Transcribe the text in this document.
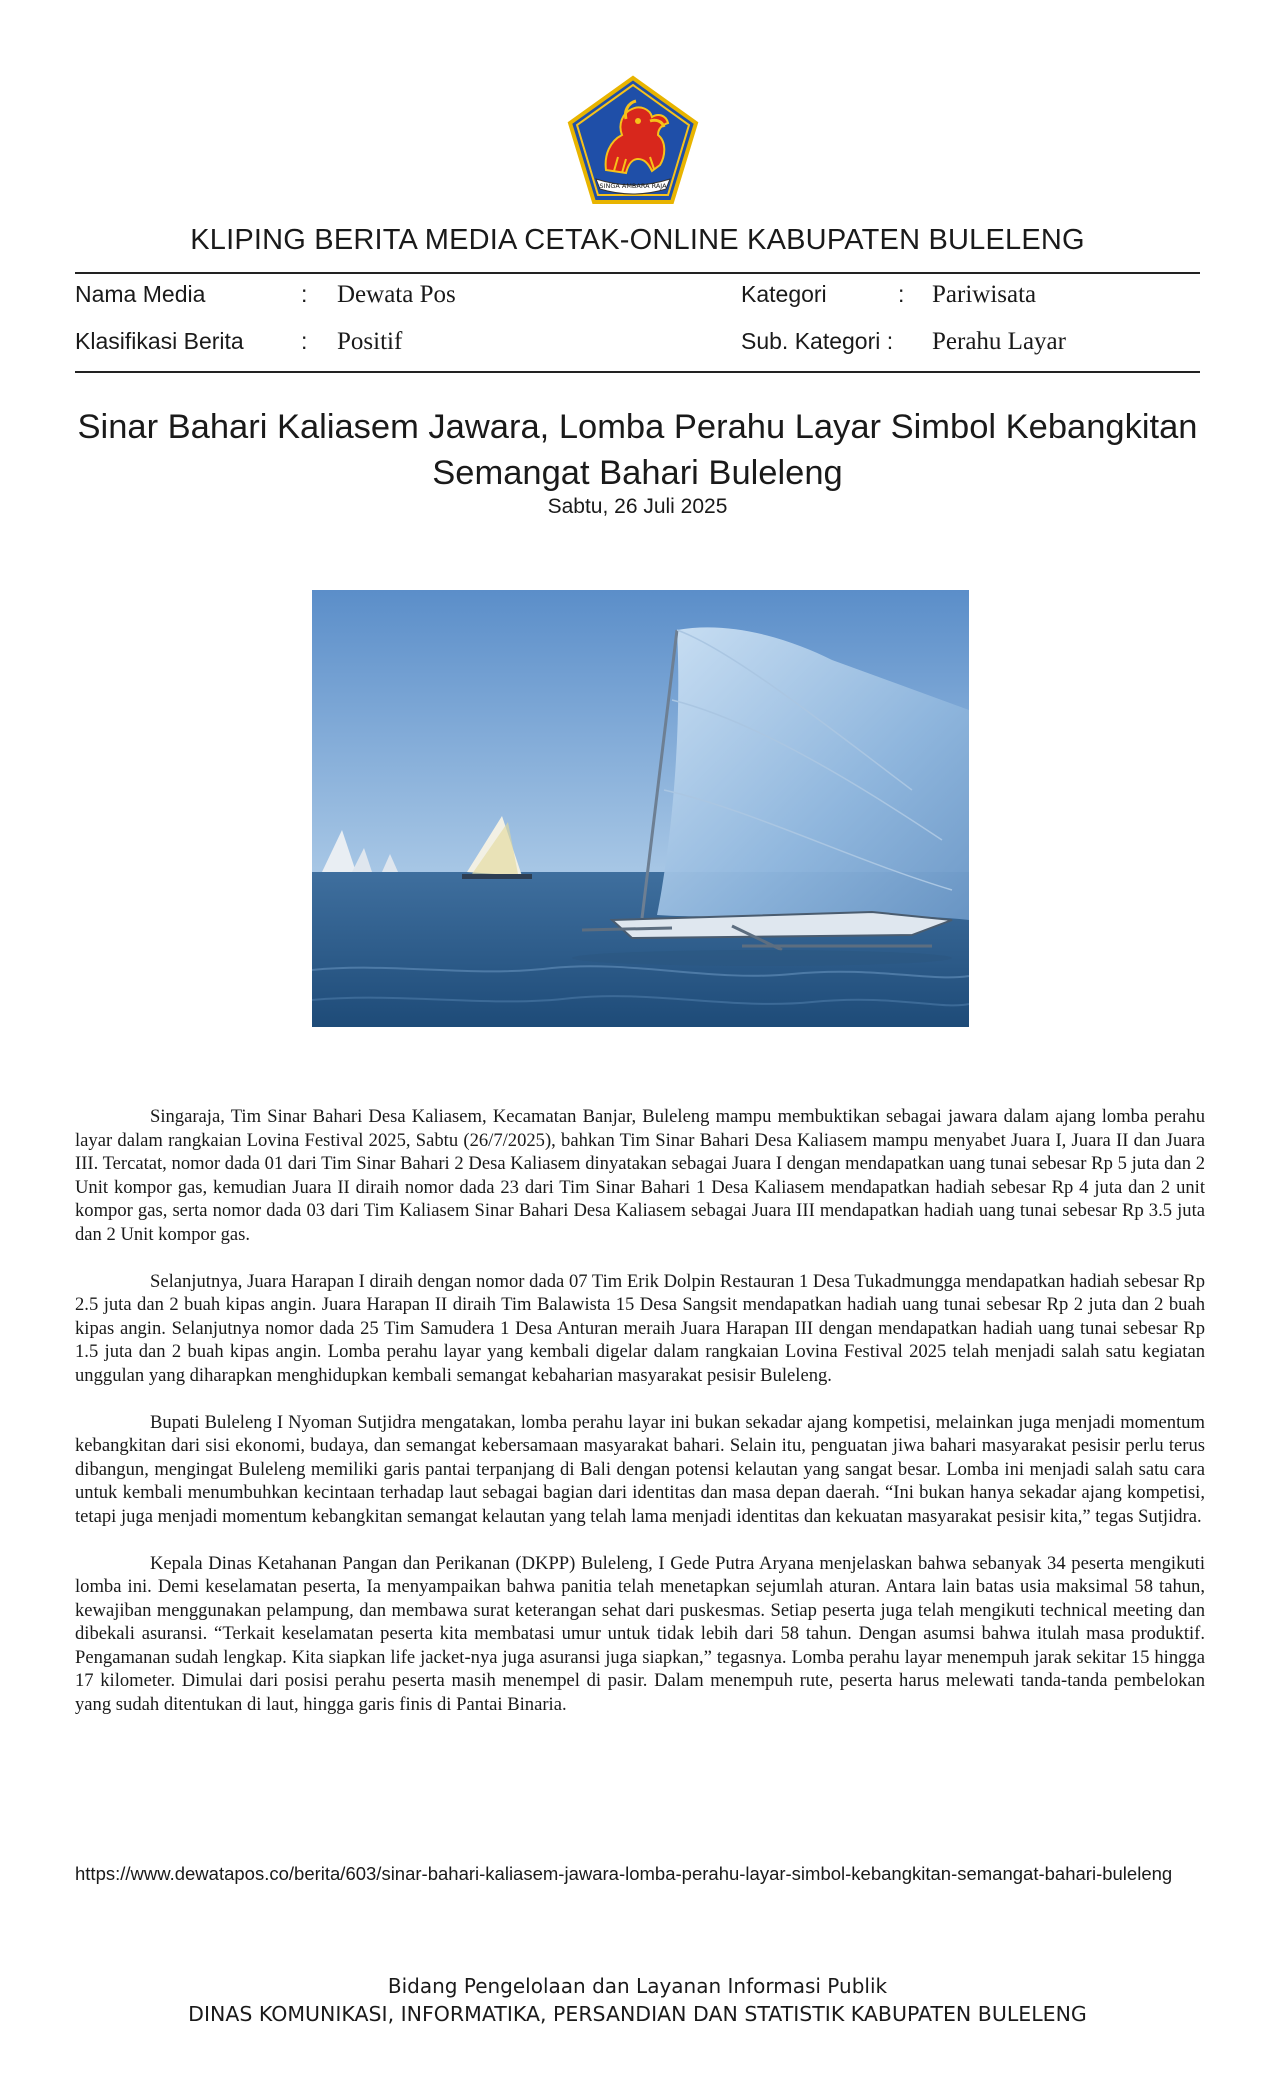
SINGA AMBARA RAJA
KLIPING BERITA MEDIA CETAK-ONLINE KABUPATEN BULELENG
Nama Media	: Dewata Pos	Kategori	: Pariwisata
Klasifikasi Berita : Positif	Sub. Kategori : Perahu Layar
Sinar Bahari Kaliasem Jawara, Lomba Perahu Layar Simbol Kebangkitan
Semangat Bahari Buleleng
Sabtu, 26 Juli 2025

Singaraja, Tim Sinar Bahari Desa Kaliasem, Kecamatan Banjar, Buleleng mampu membuktikan sebagai jawara dalam ajang lomba perahu layar dalam rangkaian Lovina Festival 2025, Sabtu (26/7/2025), bahkan Tim Sinar Bahari Desa Kaliasem mampu menyabet Juara I, Juara II dan Juara III. Tercatat, nomor dada 01 dari Tim Sinar Bahari 2 Desa Kaliasem dinyatakan sebagai Juara I dengan mendapatkan uang tunai sebesar Rp 5 juta dan 2 Unit kompor gas, kemudian Juara II diraih nomor dada 23 dari Tim Sinar Bahari 1 Desa Kaliasem mendapatkan hadiah sebesar Rp 4 juta dan 2 unit kompor gas, serta nomor dada 03 dari Tim Kaliasem Sinar Bahari Desa Kaliasem sebagai Juara III mendapatkan hadiah uang tunai sebesar Rp 3.5 juta dan 2 Unit kompor gas.

Selanjutnya, Juara Harapan I diraih dengan nomor dada 07 Tim Erik Dolpin Restauran 1 Desa Tukadmungga mendapatkan hadiah sebesar Rp 2.5 juta dan 2 buah kipas angin. Juara Harapan II diraih Tim Balawista 15 Desa Sangsit mendapatkan hadiah uang tunai sebesar Rp 2 juta dan 2 buah kipas angin. Selanjutnya nomor dada 25 Tim Samudera 1 Desa Anturan meraih Juara Harapan III dengan mendapatkan hadiah uang tunai sebesar Rp 1.5 juta dan 2 buah kipas angin. Lomba perahu layar yang kembali digelar dalam rangkaian Lovina Festival 2025 telah menjadi salah satu kegiatan unggulan yang diharapkan menghidupkan kembali semangat kebaharian masyarakat pesisir Buleleng.

Bupati Buleleng I Nyoman Sutjidra mengatakan, lomba perahu layar ini bukan sekadar ajang kompetisi, melainkan juga menjadi momentum kebangkitan dari sisi ekonomi, budaya, dan semangat kebersamaan masyarakat bahari. Selain itu, penguatan jiwa bahari masyarakat pesisir perlu terus dibangun, mengingat Buleleng memiliki garis pantai terpanjang di Bali dengan potensi kelautan yang sangat besar. Lomba ini menjadi salah satu cara untuk kembali menumbuhkan kecintaan terhadap laut sebagai bagian dari identitas dan masa depan daerah. “Ini bukan hanya sekadar ajang kompetisi, tetapi juga menjadi momentum kebangkitan semangat kelautan yang telah lama menjadi identitas dan kekuatan masyarakat pesisir kita,” tegas Sutjidra.

Kepala Dinas Ketahanan Pangan dan Perikanan (DKPP) Buleleng, I Gede Putra Aryana menjelaskan bahwa sebanyak 34 peserta mengikuti lomba ini. Demi keselamatan peserta, Ia menyampaikan bahwa panitia telah menetapkan sejumlah aturan. Antara lain batas usia maksimal 58 tahun, kewajiban menggunakan pelampung, dan membawa surat keterangan sehat dari puskesmas. Setiap peserta juga telah mengikuti technical meeting dan dibekali asuransi. “Terkait keselamatan peserta kita membatasi umur untuk tidak lebih dari 58 tahun. Dengan asumsi bahwa itulah masa produktif. Pengamanan sudah lengkap. Kita siapkan life jacket-nya juga asuransi juga siapkan,” tegasnya. Lomba perahu layar menempuh jarak sekitar 15 hingga 17 kilometer. Dimulai dari posisi perahu peserta masih menempel di pasir. Dalam menempuh rute, peserta harus melewati tanda-tanda pembelokan yang sudah ditentukan di laut, hingga garis finis di Pantai Binaria.

https://www.dewatapos.co/berita/603/sinar-bahari-kaliasem-jawara-lomba-perahu-layar-simbol-kebangkitan-semangat-bahari-buleleng
Bidang Pengelolaan dan Layanan Informasi Publik
DINAS KOMUNIKASI, INFORMATIKA, PERSANDIAN DAN STATISTIK KABUPATEN BULELENG
